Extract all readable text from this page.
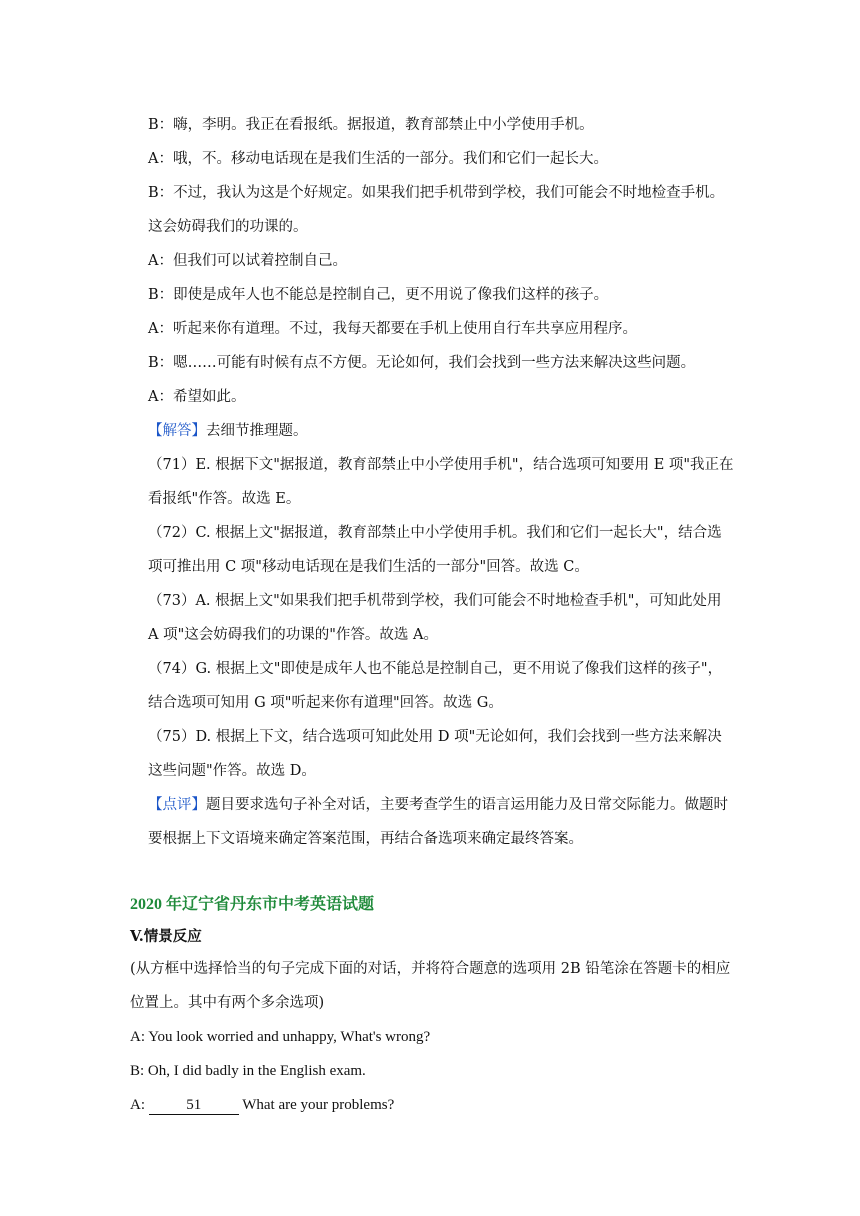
B：嗨，李明。我正在看报纸。据报道，教育部禁止中小学使用手机。

A：哦，不。移动电话现在是我们生活的一部分。我们和它们一起长大。

B：不过，我认为这是个好规定。如果我们把手机带到学校，我们可能会不时地检查手机。这会妨碍我们的功课的。

A：但我们可以试着控制自己。

B：即使是成年人也不能总是控制自己，更不用说了像我们这样的孩子。

A：听起来你有道理。不过，我每天都要在手机上使用自行车共享应用程序。

B：嗯……可能有时候有点不方便。无论如何，我们会找到一些方法来解决这些问题。

A：希望如此。

【解答】去细节推理题。

（71）E. 根据下文"据报道，教育部禁止中小学使用手机"，结合选项可知要用 E 项"我正在看报纸"作答。故选 E。

（72）C. 根据上文"据报道，教育部禁止中小学使用手机。我们和它们一起长大"，结合选项可推出用 C 项"移动电话现在是我们生活的一部分"回答。故选 C。

（73）A. 根据上文"如果我们把手机带到学校，我们可能会不时地检查手机"，可知此处用 A 项"这会妨碍我们的功课的"作答。故选 A。

（74）G. 根据上文"即使是成年人也不能总是控制自己，更不用说了像我们这样的孩子"，结合选项可知用 G 项"听起来你有道理"回答。故选 G。

（75）D. 根据上下文，结合选项可知此处用 D 项"无论如何，我们会找到一些方法来解决这些问题"作答。故选 D。

【点评】题目要求选句子补全对话，主要考查学生的语言运用能力及日常交际能力。做题时要根据上下文语境来确定答案范围，再结合备选项来确定最终答案。

2020 年辽宁省丹东市中考英语试题
V.情景反应

(从方框中选择恰当的句子完成下面的对话，并将符合题意的选项用 2B 铅笔涂在答题卡的相应位置上。其中有两个多余选项)

A: You look worried and unhappy, What's wrong?

B: Oh, I did badly in the English exam.

A:	51	What are your problems?
